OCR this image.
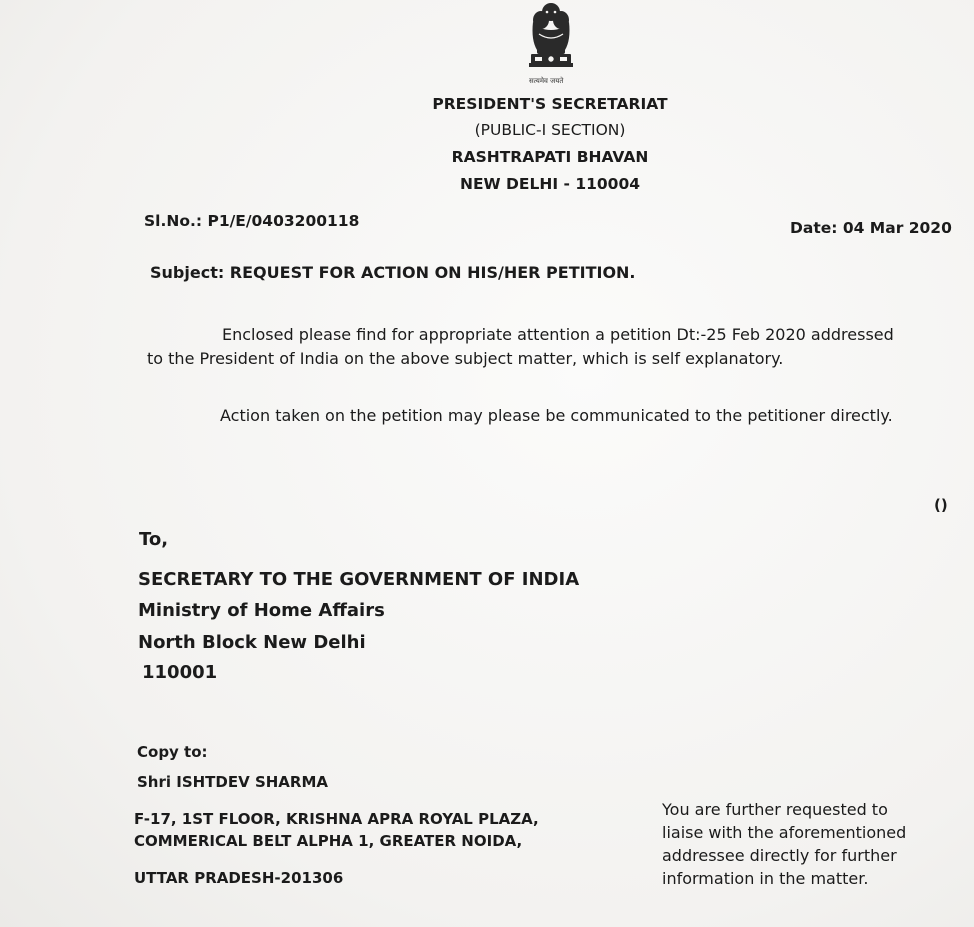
सत्यमेव जयते
PRESIDENT'S SECRETARIAT
(PUBLIC-I SECTION)
RASHTRAPATI BHAVAN
NEW DELHI - 110004
Sl.No.: P1/E/0403200118	Date: 04 Mar 2020
Subject: REQUEST FOR ACTION ON HIS/HER PETITION.
Enclosed please find for appropriate attention a petition Dt:-25 Feb 2020 addressed
to the President of India on the above subject matter, which is self explanatory.
Action taken on the petition may please be communicated to the petitioner directly.
()
To,
SECRETARY TO THE GOVERNMENT OF INDIA
Ministry of Home Affairs
North Block New Delhi
110001
Copy to:
Shri ISHTDEV SHARMA
F-17, 1ST FLOOR, KRISHNA APRA ROYAL PLAZA,
COMMERICAL BELT ALPHA 1, GREATER NOIDA,
UTTAR PRADESH-201306
You are further requested to liaise with the aforementioned addressee directly for further information in the matter.
